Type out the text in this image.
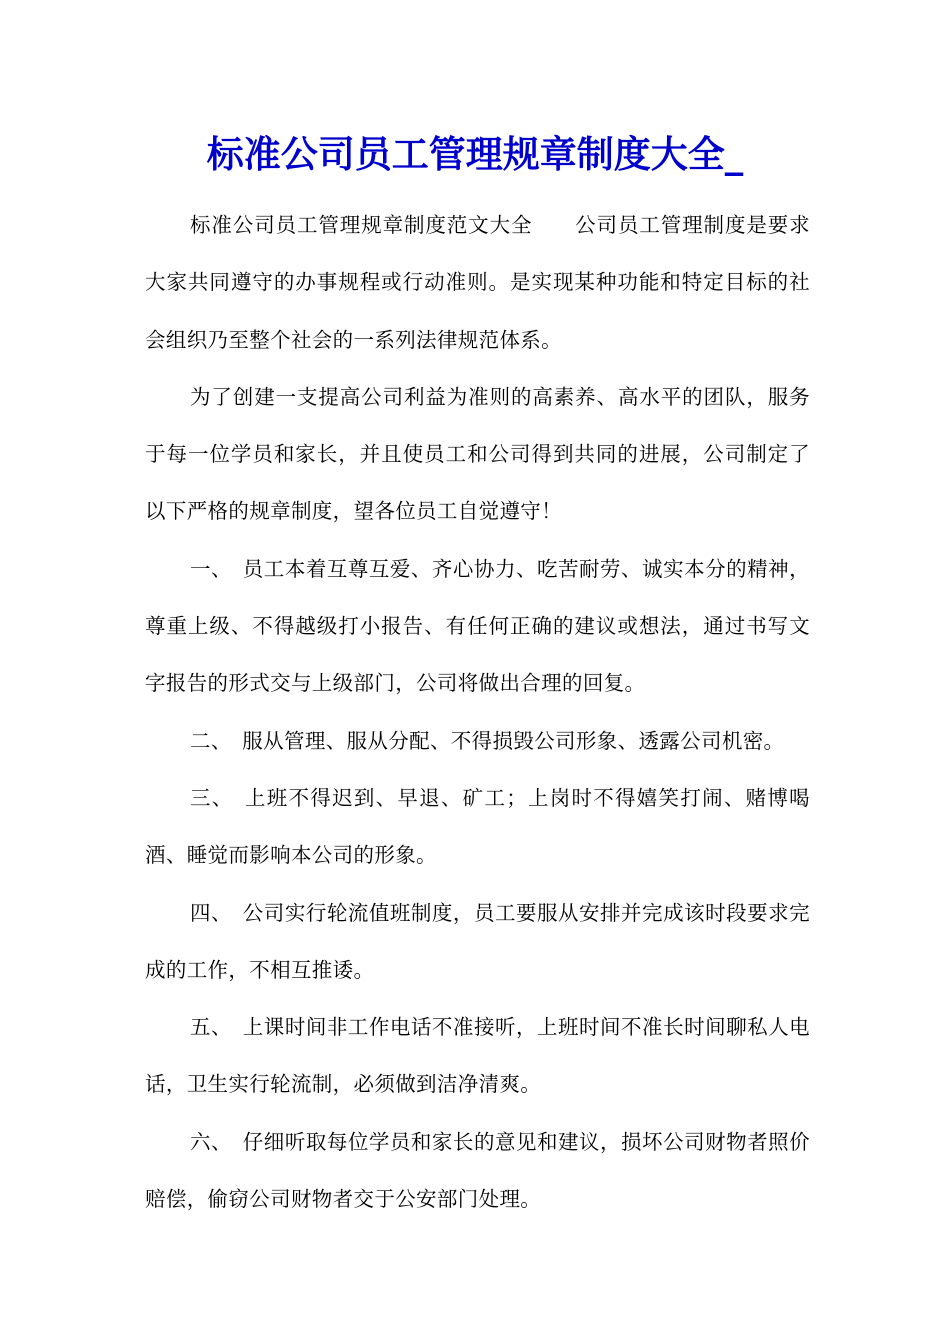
标准公司员工管理规章制度大全_

标准公司员工管理规章制度范文大全　　公司员工管理制度是要求大家共同遵守的办事规程或行动准则。是实现某种功能和特定目标的社会组织乃至整个社会的一系列法律规范体系。

为了创建一支提高公司利益为准则的高素养、高水平的团队，服务于每一位学员和家长，并且使员工和公司得到共同的进展，公司制定了以下严格的规章制度，望各位员工自觉遵守！

一、　员工本着互尊互爱、齐心协力、吃苦耐劳、诚实本分的精神，尊重上级、不得越级打小报告、有任何正确的建议或想法，通过书写文字报告的形式交与上级部门，公司将做出合理的回复。

二、　服从管理、服从分配、不得损毁公司形象、透露公司机密。

三、　上班不得迟到、早退、矿工；上岗时不得嬉笑打闹、赌博喝酒、睡觉而影响本公司的形象。

四、　公司实行轮流值班制度，员工要服从安排并完成该时段要求完成的工作，不相互推诿。

五、　上课时间非工作电话不准接听，上班时间不准长时间聊私人电话，卫生实行轮流制，必须做到洁净清爽。

六、　仔细听取每位学员和家长的意见和建议，损坏公司财物者照价赔偿，偷窃公司财物者交于公安部门处理。
